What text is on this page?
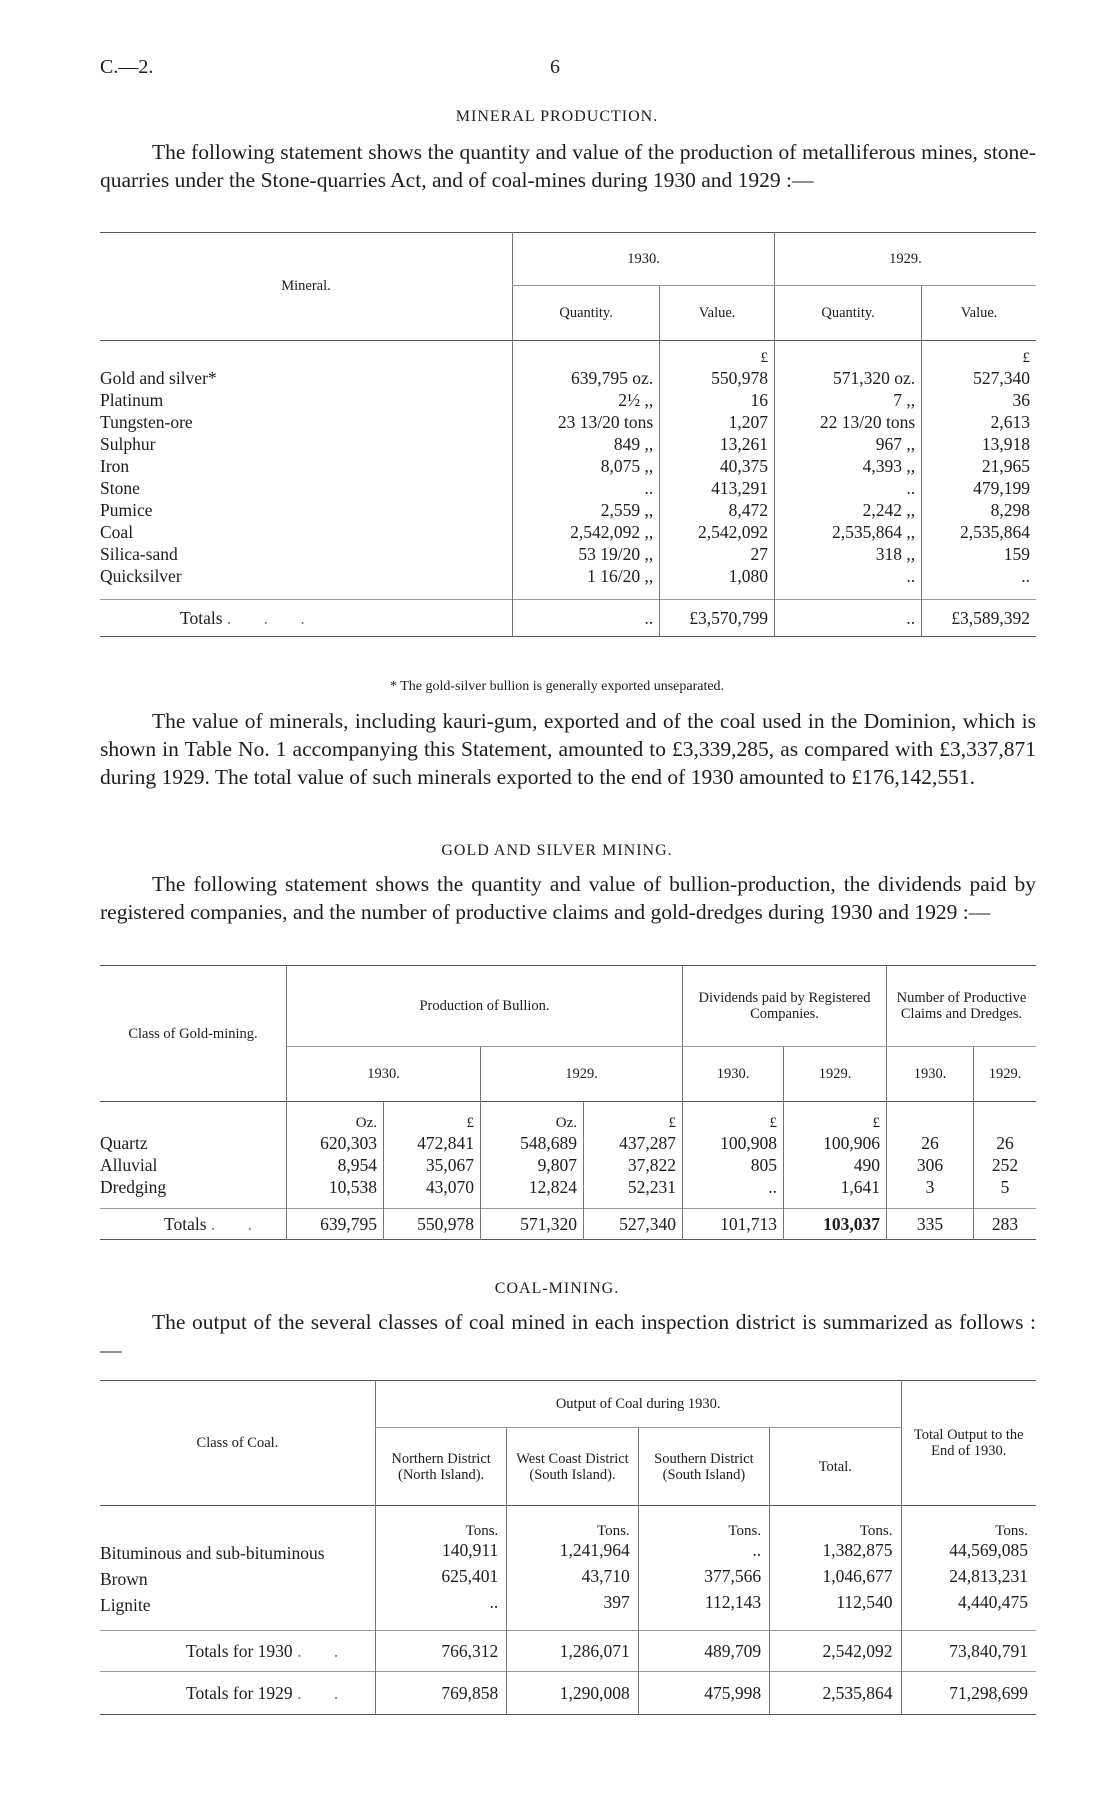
C.—2.	6
MINERAL PRODUCTION.
The following statement shows the quantity and value of the production of metalliferous mines, stone-quarries under the Stone-quarries Act, and of coal-mines during 1930 and 1929 :—
Mineral.	1930.		1929.	
	Quantity.	Value.	Quantity.	Value.
		£		£
Gold and silver*	639,795 oz.	550,978	571,320 oz.	527,340
Platinum	2½ ,,	16	7 ,,	36
Tungsten-ore	23 13/20 tons	1,207	22 13/20 tons	2,613
Sulphur	849 ,,	13,261	967 ,,	13,918
Iron	8,075 ,,	40,375	4,393 ,,	21,965
Stone	..	413,291	..	479,199
Pumice	2,559 ,,	8,472	2,242 ,,	8,298
Coal	2,542,092 ,,	2,542,092	2,535,864 ,,	2,535,864
Silica-sand	53 19/20 ,,	27	318 ,,	159
Quicksilver	1 16/20 ,,	1,080	..	..

Totals . . .	..	£3,570,799	..	£3,589,392
* The gold-silver bullion is generally exported unseparated.
The value of minerals, including kauri-gum, exported and of the coal used in the Dominion, which is shown in Table No. 1 accompanying this Statement, amounted to £3,339,285, as compared with £3,337,871 during 1929. The total value of such minerals exported to the end of 1930 amounted to £176,142,551.
GOLD AND SILVER MINING.
The following statement shows the quantity and value of bullion-production, the dividends paid by registered companies, and the number of productive claims and gold-dredges during 1930 and 1929 :—
Class of Gold-mining.	Production of Bullion.				Dividends paid by Registered Companies.		Number of Productive Claims and Dredges.	
	1930.		1929.		1930.	1929.	1930.	1929.
	Oz.	£	Oz.	£	£	£		
Quartz	620,303	472,841	548,689	437,287	100,908	100,906	26	26
Alluvial	8,954	35,067	9,807	37,822	805	490	306	252
Dredging	10,538	43,070	12,824	52,231	..	1,641	3	5

Totals . .	639,795	550,978	571,320	527,340	101,713	103,037	335	283
COAL-MINING.
The output of the several classes of coal mined in each inspection district is summarized as follows :—
Class of Coal.	Output of Coal during 1930.				Total Output to the End of 1930.
	Northern District (North Island).	West Coast District (South Island).	Southern District (South Island)	Total.	
	Tons.	Tons.	Tons.	Tons.	Tons.
Bituminous and sub-bituminous	140,911	1,241,964	..	1,382,875	44,569,085
Brown	625,401	43,710	377,566	1,046,677	24,813,231
Lignite	..	397	112,143	112,540	4,440,475

Totals for 1930 . .	766,312	1,286,071	489,709	2,542,092	73,840,791
Totals for 1929 . .	769,858	1,290,008	475,998	2,535,864	71,298,699
